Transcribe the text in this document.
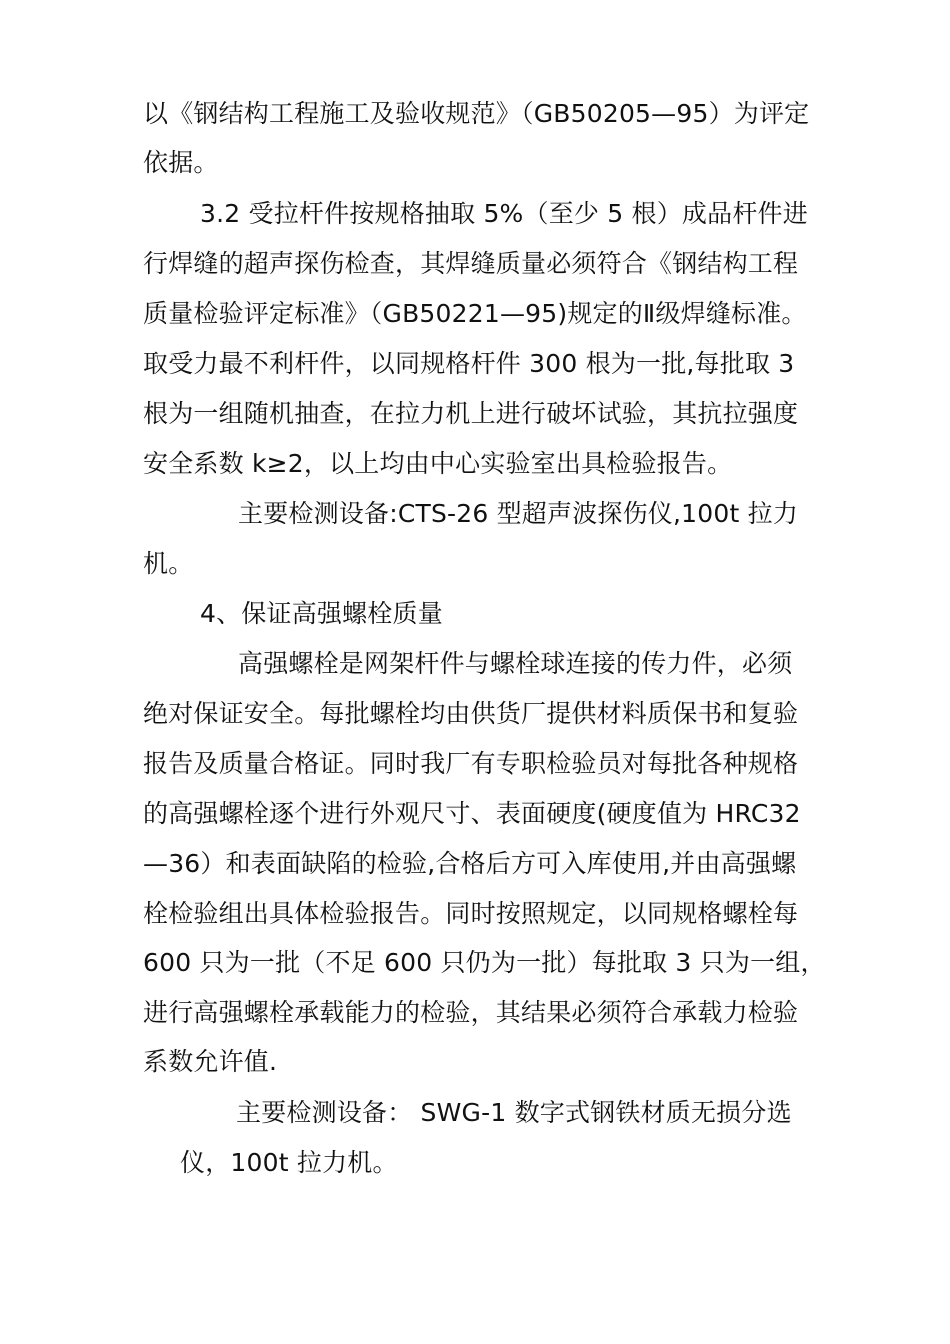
以《钢结构工程施工及验收规范》（GB50205—95）为评定
依据。
3.2 受拉杆件按规格抽取 5%（至少 5 根）成品杆件进
行焊缝的超声探伤检查，其焊缝质量必须符合《钢结构工程
质量检验评定标准》（GB50221—95)规定的Ⅱ级焊缝标准。
取受力最不利杆件，以同规格杆件 300 根为一批,每批取 3
根为一组随机抽查，在拉力机上进行破坏试验，其抗拉强度
安全系数 k≥2，以上均由中心实验室出具检验报告。
主要检测设备:CTS-26 型超声波探伤仪,100t 拉力
机。
4、保证高强螺栓质量
高强螺栓是网架杆件与螺栓球连接的传力件，必须
绝对保证安全。每批螺栓均由供货厂提供材料质保书和复验
报告及质量合格证。同时我厂有专职检验员对每批各种规格
的高强螺栓逐个进行外观尺寸、表面硬度(硬度值为 HRC32
—36）和表面缺陷的检验,合格后方可入库使用,并由高强螺
栓检验组出具体检验报告。同时按照规定，以同规格螺栓每
600 只为一批（不足 600 只仍为一批）每批取 3 只为一组，
进行高强螺栓承载能力的检验，其结果必须符合承载力检验
系数允许值.
主要检测设备： SWG-1 数字式钢铁材质无损分选
仪，100t 拉力机。
